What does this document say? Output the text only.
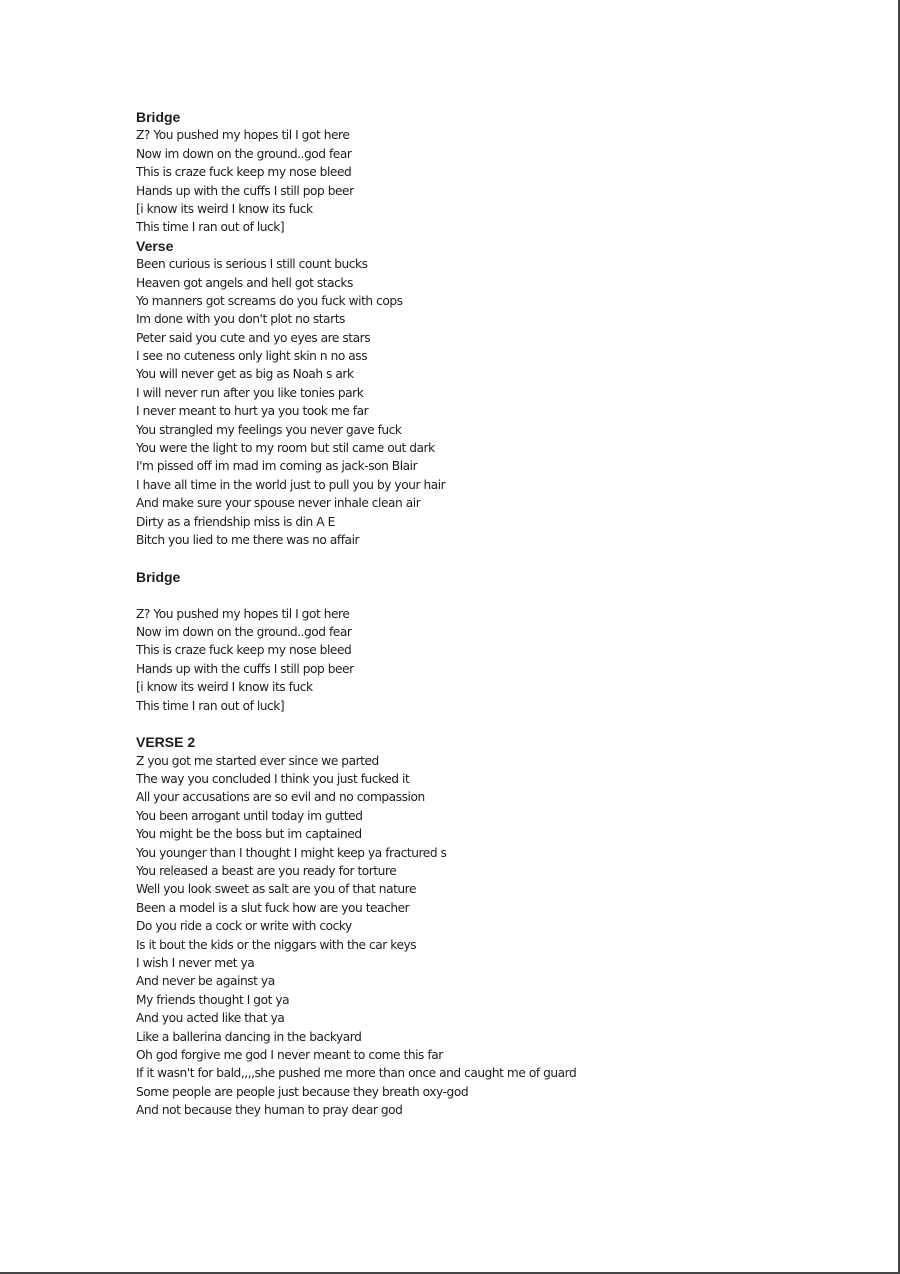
Bridge
Z? You pushed my hopes til I got here
Now im down on the ground..god fear
This is craze fuck keep my nose bleed
Hands up with the cuffs I still pop beer
[i know its weird I know its fuck
This time I ran out of luck]
Verse
Been curious is serious I still count bucks
Heaven got angels and hell got stacks
Yo manners got screams do you fuck with cops
Im done with you don't plot no starts
Peter said you cute and yo eyes are stars
I see no cuteness only light skin n no ass
You will never get as big as Noah s ark
I will never run after you like tonies park
I never meant to hurt ya you took me far
You strangled my feelings you never gave fuck
You were the light to my room but stil came out dark
I'm pissed off im mad im coming as jack-son Blair
I have all time in the world just to pull you by your hair
And make sure your spouse never inhale clean air
Dirty as a friendship miss is din A E
Bitch you lied to me there was no affair
Bridge
Z? You pushed my hopes til I got here
Now im down on the ground..god fear
This is craze fuck keep my nose bleed
Hands up with the cuffs I still pop beer
[i know its weird I know its fuck
This time I ran out of luck]
VERSE 2
Z you got me started ever since we parted
The way you concluded I think you just fucked it
All your accusations are so evil and no compassion
You been arrogant until today im gutted
You might be the boss but im captained
You younger than I thought I might keep ya fractured s
You released a beast are you ready for torture
Well you look sweet as salt are you of that nature
Been a model is a slut fuck how are you teacher
Do you ride a cock or write with cocky
Is it bout the kids or the niggars with the car keys
I wish I never met ya
And never be against ya
My friends thought I got ya
And you acted like that ya
Like a ballerina dancing in the backyard
Oh god forgive me god I never meant to come this far
If it wasn't for bald,,,,she pushed me more than once and caught me of guard
Some people are people just because they breath oxy-god
And not because they human to pray dear god
